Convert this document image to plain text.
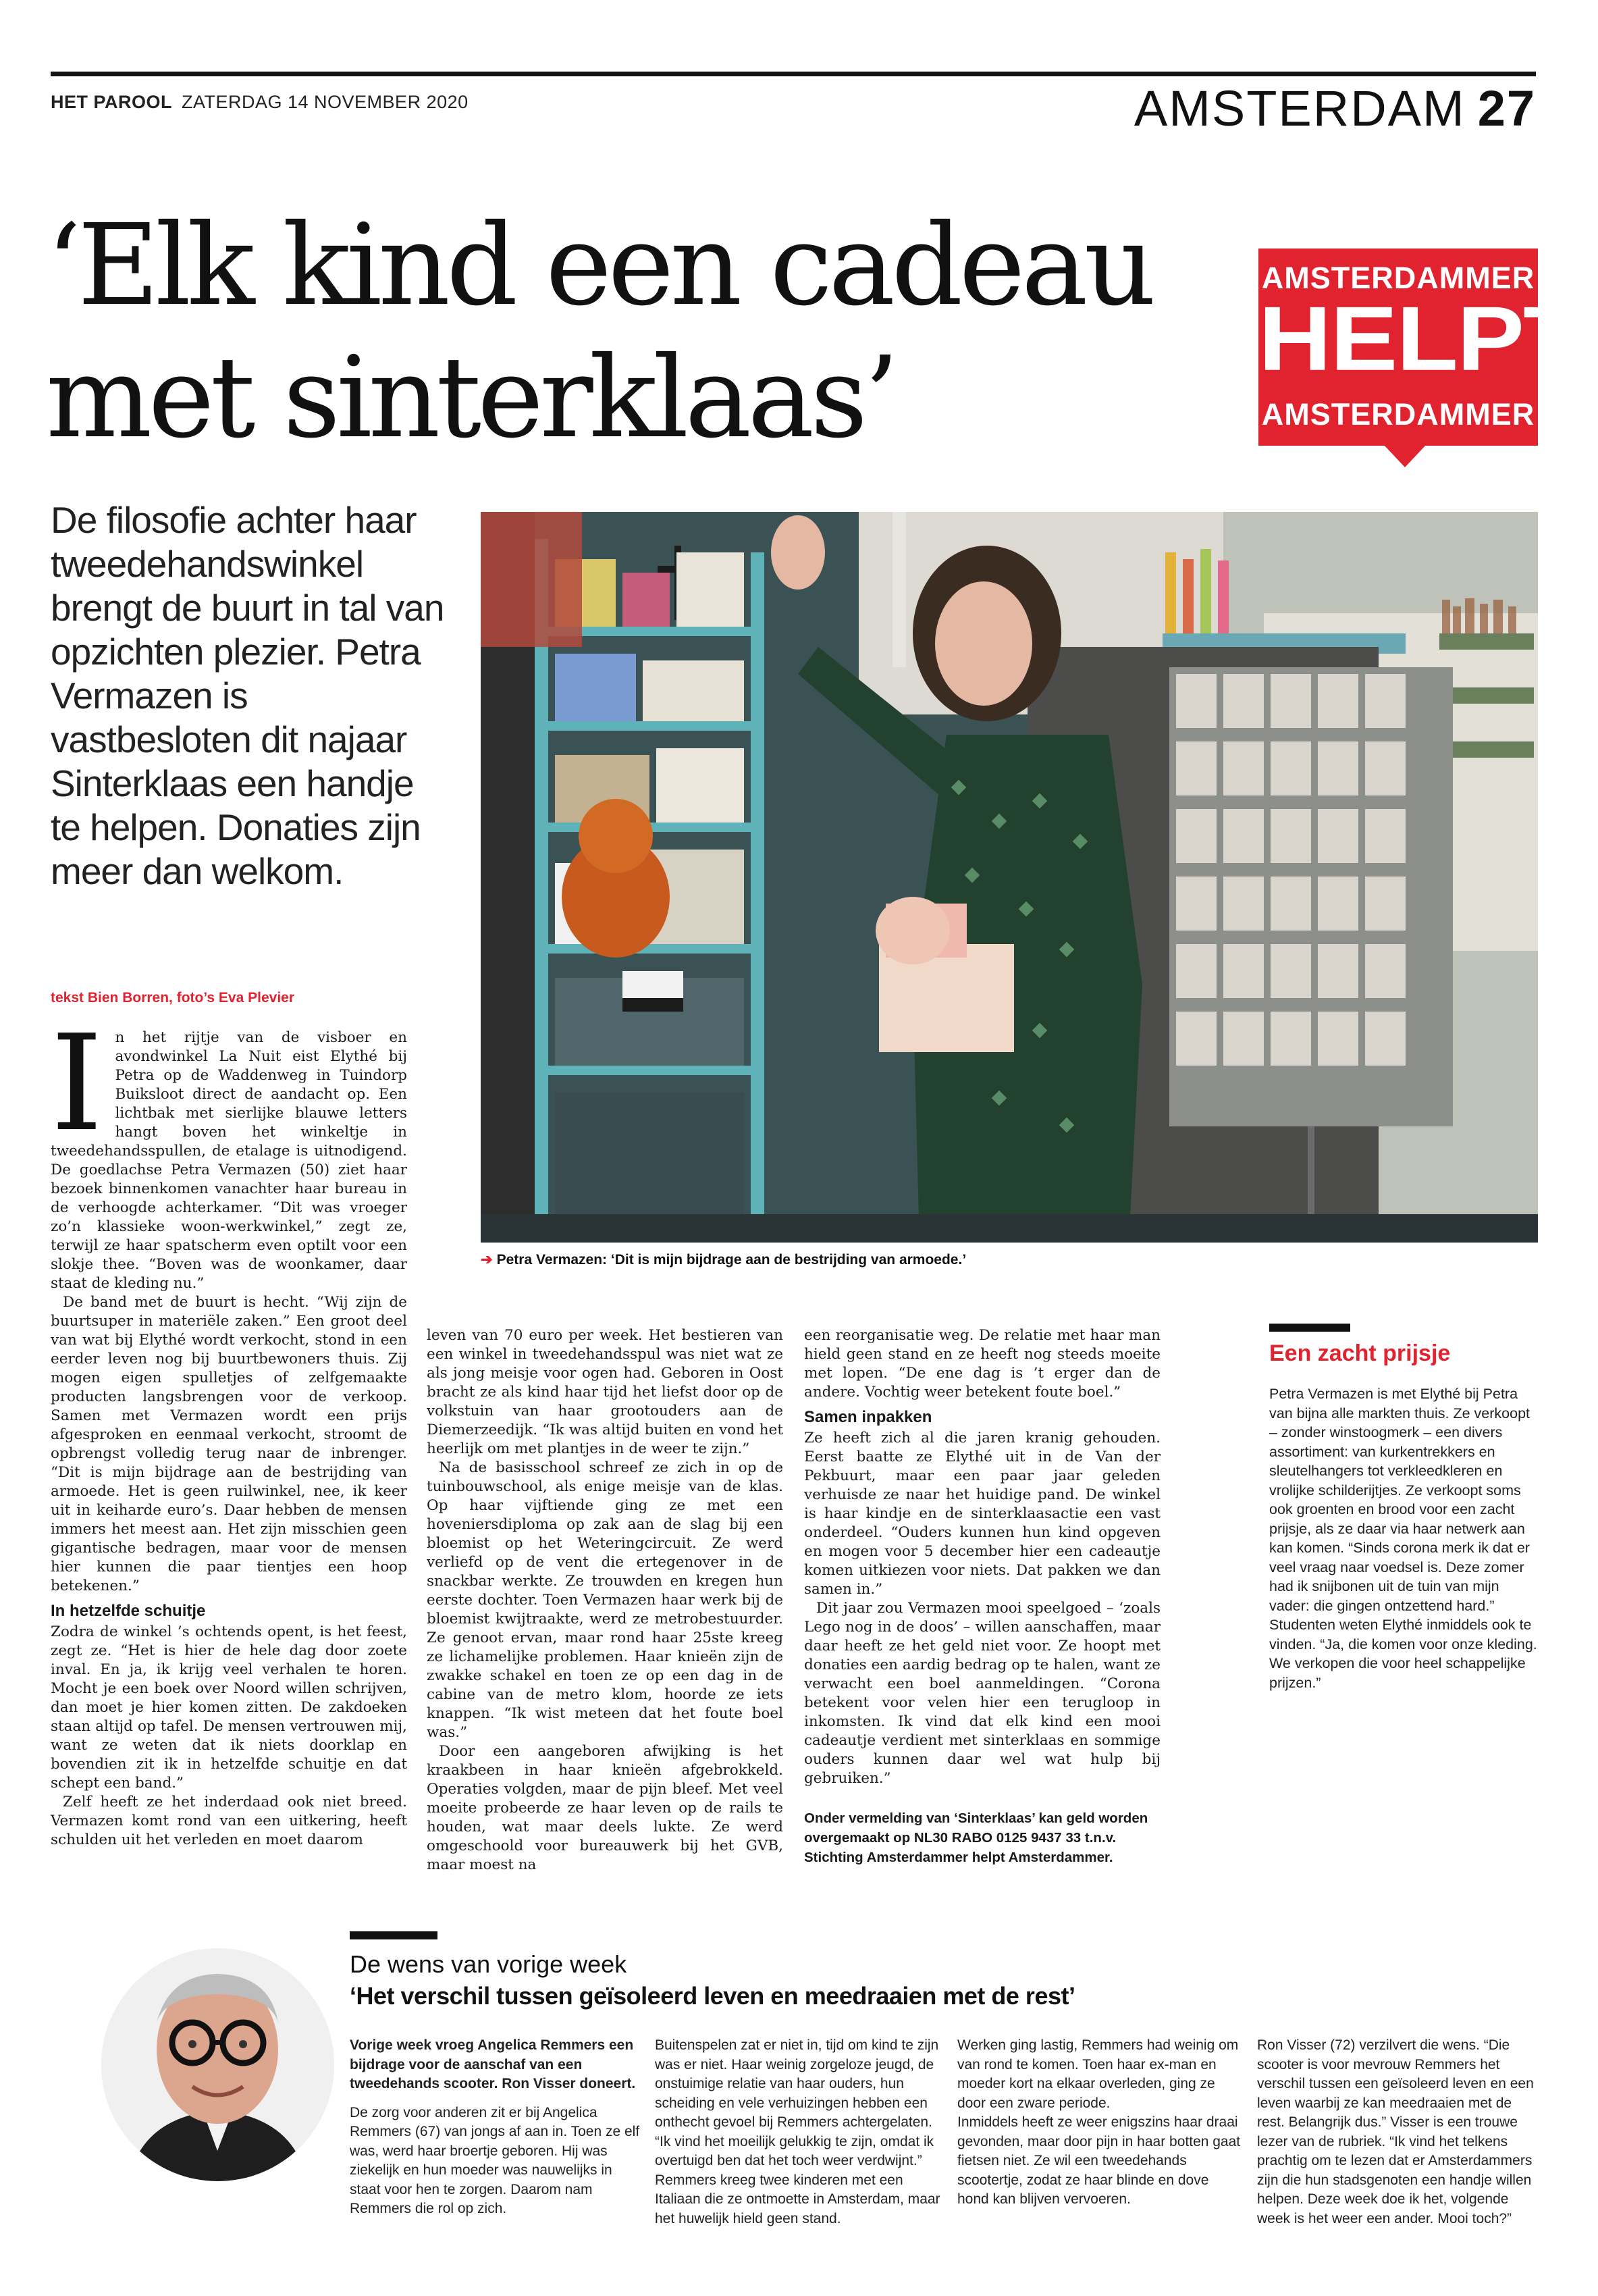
HET PAROOL ZATERDAG 14 NOVEMBER 2020	AMSTERDAM 27
‘Elk kind een cadeau
met sinterklaas’
AMSTERDAMMER
HELPT
AMSTERDAMMER

De filosofie achter haar tweedehandswinkel brengt de buurt in tal van opzichten plezier. Petra Vermazen is vastbesloten dit najaar Sinterklaas een handje te helpen. Donaties zijn meer dan welkom.

➔ Petra Vermazen: ‘Dit is mijn bijdrage aan de bestrijding van armoede.’
tekst Bien Borren, foto’s Eva Plevier
I n het rijtje van de visboer en avondwinkel La Nuit eist Elythé bij Petra op de Waddenweg in Tuindorp Buiksloot direct de aandacht op. Een lichtbak met sierlijke blauwe letters hangt boven het winkeltje in tweedehandsspullen, de etalage is uitnodigend. De goedlachse Petra Vermazen (50) ziet haar bezoek binnenkomen vanachter haar bureau in de verhoogde achterkamer. “Dit was vroeger zo’n klassieke woon-werkwinkel,” zegt ze, terwijl ze haar spatscherm even optilt voor een slokje thee. “Boven was de woonkamer, daar staat de kleding nu.”

De band met de buurt is hecht. “Wij zijn de buurtsuper in materiële zaken.” Een groot deel van wat bij Elythé wordt verkocht, stond in een eerder leven nog bij buurtbewoners thuis. Zij mogen eigen spulletjes of zelfgemaakte producten langsbrengen voor de verkoop. Samen met Vermazen wordt een prijs afgesproken en eenmaal verkocht, stroomt de opbrengst volledig terug naar de inbrenger. “Dit is mijn bijdrage aan de bestrijding van armoede. Het is geen ruilwinkel, nee, ik keer uit in keiharde euro’s. Daar hebben de mensen immers het meest aan. Het zijn misschien geen gigantische bedragen, maar voor de mensen hier kunnen die paar tientjes een hoop betekenen.”

In hetzelfde schuitje

Zodra de winkel ’s ochtends opent, is het feest, zegt ze. “Het is hier de hele dag door zoete inval. En ja, ik krijg veel verhalen te horen. Mocht je een boek over Noord willen schrijven, dan moet je hier komen zitten. De zakdoeken staan altijd op tafel. De mensen vertrouwen mij, want ze weten dat ik niets doorklap en bovendien zit ik in hetzelfde schuitje en dat schept een band.”

Zelf heeft ze het inderdaad ook niet breed. Vermazen komt rond van een uitkering, heeft schulden uit het verleden en moet daarom

leven van 70 euro per week. Het bestieren van een winkel in tweedehandsspul was niet wat ze als jong meisje voor ogen had. Geboren in Oost bracht ze als kind haar tijd het liefst door op de volkstuin van haar grootouders aan de Diemerzeedijk. “Ik was altijd buiten en vond het heerlijk om met plantjes in de weer te zijn.”

Na de basisschool schreef ze zich in op de tuinbouwschool, als enige meisje van de klas. Op haar vijftiende ging ze met een hoveniersdiploma op zak aan de slag bij een bloemist op het Weteringcircuit. Ze werd verliefd op de vent die ertegenover in de snackbar werkte. Ze trouwden en kregen hun eerste dochter. Toen Vermazen haar werk bij de bloemist kwijtraakte, werd ze metrobestuurder. Ze genoot ervan, maar rond haar 25ste kreeg ze lichamelijke problemen. Haar knieën zijn de zwakke schakel en toen ze op een dag in de cabine van de metro klom, hoorde ze iets knappen. “Ik wist meteen dat het foute boel was.”

Door een aangeboren afwijking is het kraakbeen in haar knieën afgebrokkeld. Operaties volgden, maar de pijn bleef. Met veel moeite probeerde ze haar leven op de rails te houden, wat maar deels lukte. Ze werd omgeschoold voor bureauwerk bij het GVB, maar moest na

een reorganisatie weg. De relatie met haar man hield geen stand en ze heeft nog steeds moeite met lopen. “De ene dag is ’t erger dan de andere. Vochtig weer betekent foute boel.”

Samen inpakken

Ze heeft zich al die jaren kranig gehouden. Eerst baatte ze Elythé uit in de Van der Pekbuurt, maar een paar jaar geleden verhuisde ze naar het huidige pand. De winkel is haar kindje en de sinterklaasactie een vast onderdeel. “Ouders kunnen hun kind opgeven en mogen voor 5 december hier een cadeautje komen uitkiezen voor niets. Dat pakken we dan samen in.”

Dit jaar zou Vermazen mooi speelgoed – ‘zoals Lego nog in de doos’ – willen aanschaffen, maar daar heeft ze het geld niet voor. Ze hoopt met donaties een aardig bedrag op te halen, want ze verwacht een boel aanmeldingen. “Corona betekent voor velen hier een terugloop in inkomsten. Ik vind dat elk kind een mooi cadeautje verdient met sinterklaas en sommige ouders kunnen daar wel wat hulp bij gebruiken.”

Onder vermelding van ‘Sinterklaas’ kan geld worden overgemaakt op NL30 RABO 0125 9437 33 t.n.v. Stichting Amsterdammer helpt Amsterdammer.
Een zacht prijsje

Petra Vermazen is met Elythé bij Petra van bijna alle markten thuis. Ze verkoopt – zonder winstoogmerk – een divers assortiment: van kurkentrekkers en sleutelhangers tot verkleedkleren en vrolijke schilderijtjes. Ze verkoopt soms ook groenten en brood voor een zacht prijsje, als ze daar via haar netwerk aan kan komen. “Sinds corona merk ik dat er veel vraag naar voedsel is. Deze zomer had ik snijbonen uit de tuin van mijn vader: die gingen ontzettend hard.” Studenten weten Elythé inmiddels ook te vinden. “Ja, die komen voor onze kleding. We verkopen die voor heel schappelijke prijzen.”

De wens van vorige week
‘Het verschil tussen geïsoleerd leven en meedraaien met de rest’

Vorige week vroeg Angelica Remmers een bijdrage voor de aanschaf van een tweedehands scooter. Ron Visser doneert.

De zorg voor anderen zit er bij Angelica Remmers (67) van jongs af aan in. Toen ze elf was, werd haar broertje geboren. Hij was ziekelijk en hun moeder was nauwelijks in staat voor hen te zorgen. Daarom nam Remmers die rol op zich.

Buitenspelen zat er niet in, tijd om kind te zijn was er niet. Haar weinig zorgeloze jeugd, de onstuimige relatie van haar ouders, hun scheiding en vele verhuizingen hebben een onthecht gevoel bij Remmers achtergelaten. “Ik vind het moeilijk gelukkig te zijn, omdat ik overtuigd ben dat het toch weer verdwijnt.” Remmers kreeg twee kinderen met een Italiaan die ze ontmoette in Amsterdam, maar het huwelijk hield geen stand.

Werken ging lastig, Remmers had weinig om van rond te komen. Toen haar ex-man en moeder kort na elkaar overleden, ging ze door een zware periode.

Inmiddels heeft ze weer enigszins haar draai gevonden, maar door pijn in haar botten gaat fietsen niet. Ze wil een tweedehands scootertje, zodat ze haar blinde en dove hond kan blijven vervoeren.

Ron Visser (72) verzilvert die wens. “Die scooter is voor mevrouw Remmers het verschil tussen een geïsoleerd leven en een leven waarbij ze kan meedraaien met de rest. Belangrijk dus.” Visser is een trouwe lezer van de rubriek. “Ik vind het telkens prachtig om te lezen dat er Amsterdammers zijn die hun stadsgenoten een handje willen helpen. Deze week doe ik het, volgende week is het weer een ander. Mooi toch?”
